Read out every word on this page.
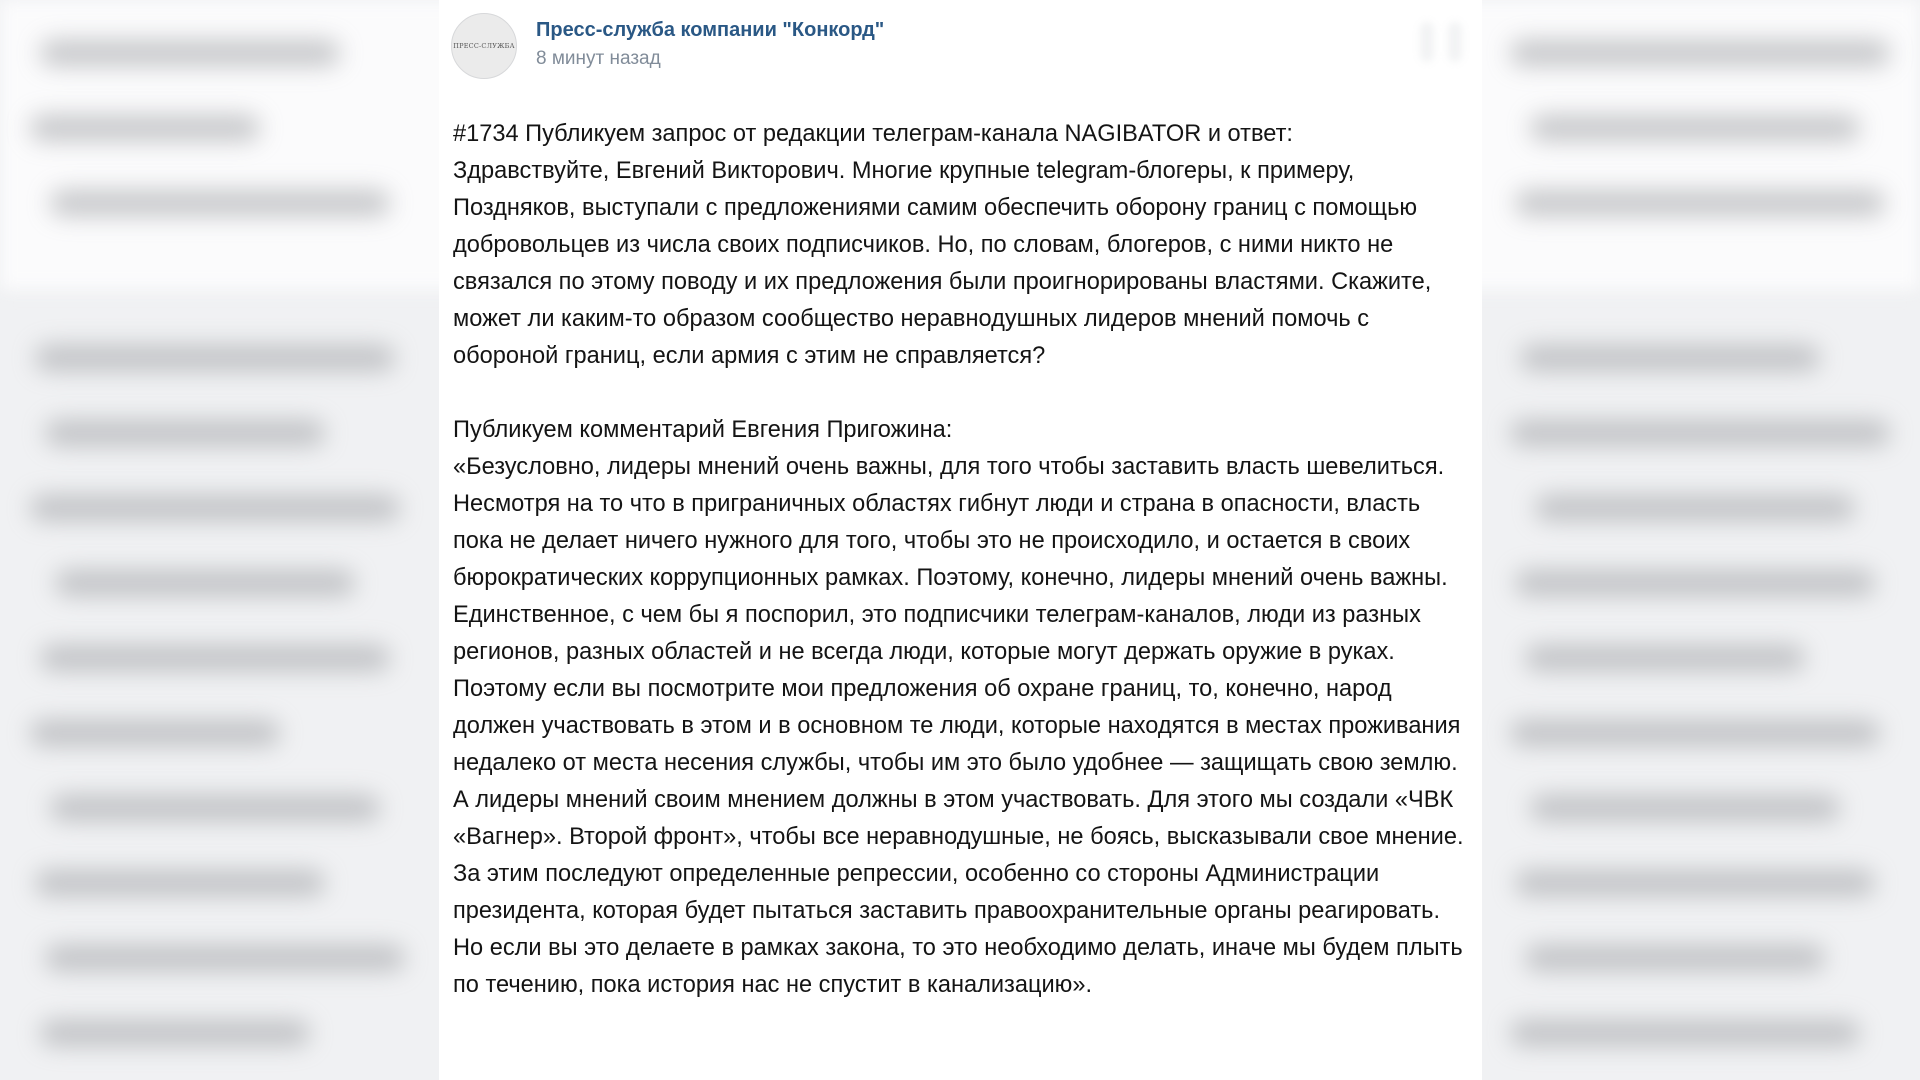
ПРЕСС-СЛУЖБА
Пресс-служба компании "Конкорд"
8 минут назад

#1734 Публикуем запрос от редакции телеграм-канала NAGIBATOR и ответ:

Здравствуйте, Евгений Викторович. Многие крупные telegram-блогеры, к примеру, Поздняков, выступали с предложениями самим обеспечить оборону границ с помощью добровольцев из числа своих подписчиков. Но, по словам, блогеров, с ними никто не связался по этому поводу и их предложения были проигнорированы властями. Скажите, может ли каким-то образом сообщество неравнодушных лидеров мнений помочь с обороной границ, если армия с этим не справляется?

Публикуем комментарий Евгения Пригожина:

«Безусловно, лидеры мнений очень важны, для того чтобы заставить власть шевелиться. Несмотря на то что в приграничных областях гибнут люди и страна в опасности, власть пока не делает ничего нужного для того, чтобы это не происходило, и остается в своих бюрократических коррупционных рамках. Поэтому, конечно, лидеры мнений очень важны. Единственное, с чем бы я поспорил, это подписчики телеграм-каналов, люди из разных регионов, разных областей и не всегда люди, которые могут держать оружие в руках. Поэтому если вы посмотрите мои предложения об охране границ, то, конечно, народ должен участвовать в этом и в основном те люди, которые находятся в местах проживания недалеко от места несения службы, чтобы им это было удобнее — защищать свою землю. А лидеры мнений своим мнением должны в этом участвовать. Для этого мы создали «ЧВК «Вагнер». Второй фронт», чтобы все неравнодушные, не боясь, высказывали свое мнение. За этим последуют определенные репрессии, особенно со стороны Администрации президента, которая будет пытаться заставить правоохранительные органы реагировать. Но если вы это делаете в рамках закона, то это необходимо делать, иначе мы будем плыть по течению, пока история нас не спустит в канализацию».
